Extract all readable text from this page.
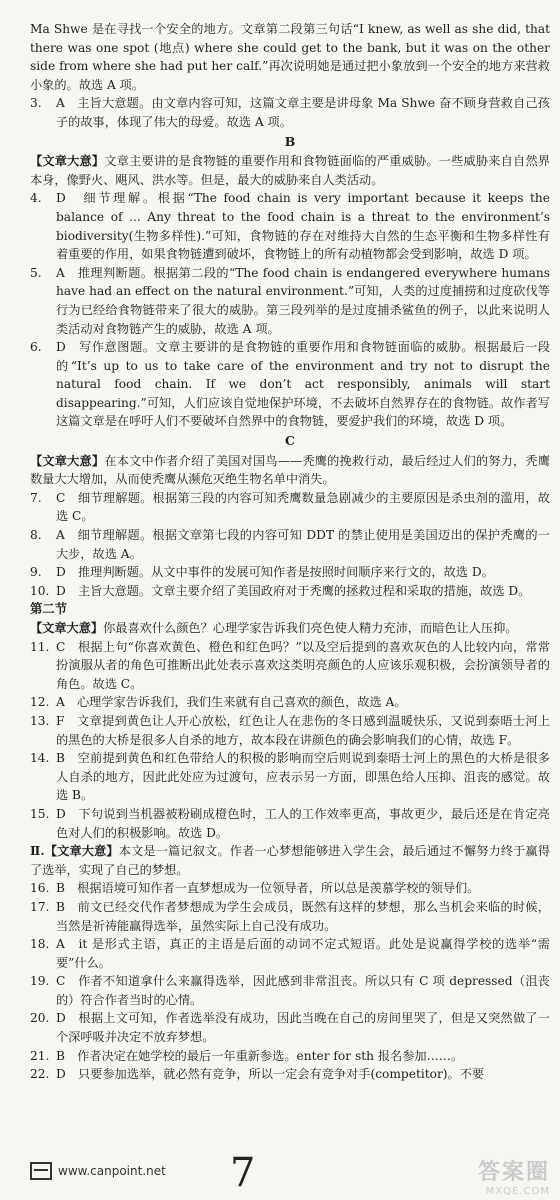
Ma Shwe 是在寻找一个安全的地方。文章第二段第三句话“I knew, as well as she did, that there was one spot (地点) where she could get to the bank, but it was on the other side from where she had put her calf.”再次说明她是通过把小象放到一个安全的地方来营救小象的。故选 A 项。

3.	A　主旨大意题。由文章内容可知，这篇文章主要是讲母象 Ma Shwe 奋不顾身营救自己孩子的故事，体现了伟大的母爱。故选 A 项。
B

【文章大意】文章主要讲的是食物链的重要作用和食物链面临的严重威胁。一些威胁来自自然界本身，像野火、飓风、洪水等。但是，最大的威胁来自人类活动。

4.	D　细节理解。根据“The food chain is very important because it keeps the balance of ... Any threat to the food chain is a threat to the environment’s biodiversity(生物多样性).”可知，食物链的存在对维持大自然的生态平衡和生物多样性有着重要的作用，如果食物链遭到破坏，食物链上的所有动植物都会受到影响，故选 D 项。
5.	A　推理判断题。根据第二段的“The food chain is endangered everywhere humans have had an effect on the natural environment.”可知，人类的过度捕捞和过度砍伐等行为已经给食物链带来了很大的威胁。第三段列举的是过度捕杀鲨鱼的例子，以此来说明人类活动对食物链产生的威胁，故选 A 项。
6.	D　写作意图题。文章主要讲的是食物链的重要作用和食物链面临的威胁。根据最后一段的“It’s up to us to take care of the environment and try not to disrupt the natural food chain. If we don’t act responsibly, animals will start disappearing.”可知，人们应该自觉地保护环境，不去破坏自然界存在的食物链。故作者写这篇文章是在呼吁人们不要破坏自然界中的食物链，要爱护我们的环境，故选 D 项。
C

【文章大意】在本文中作者介绍了美国对国鸟——秃鹰的挽救行动，最后经过人们的努力，秃鹰数量大大增加，从而使秃鹰从濒危灭绝生物名单中消失。

7.	C　细节理解题。根据第三段的内容可知秃鹰数量急剧减少的主要原因是杀虫剂的滥用，故选 C。
8.	A　细节理解题。根据文章第七段的内容可知 DDT 的禁止使用是美国迈出的保护秃鹰的一大步，故选 A。
9.	D　推理判断题。从文中事件的发展可知作者是按照时间顺序来行文的，故选 D。
10. D　主旨大意题。文章主要介绍了美国政府对于秃鹰的拯救过程和采取的措施，故选 D。
第二节

【文章大意】你最喜欢什么颜色？心理学家告诉我们亮色使人精力充沛，而暗色让人压抑。

11. C　根据上句“你喜欢黄色、橙色和红色吗？”以及空后提到的喜欢灰色的人比较内向，常常扮演服从者的角色可推断出此处表示喜欢这类明亮颜色的人应该乐观积极，会扮演领导者的角色。故选 C。
12. A　心理学家告诉我们，我们生来就有自己喜欢的颜色，故选 A。
13. F　文章提到黄色让人开心放松，红色让人在悲伤的冬日感到温暖快乐，又说到泰晤士河上的黑色的大桥是很多人自杀的地方，故本段在讲颜色的确会影响我们的心情，故选 F。
14. B　空前提到黄色和红色带给人的积极的影响而空后则说到泰晤士河上的黑色的大桥是很多人自杀的地方，因此此处应为过渡句，应表示另一方面，即黑色给人压抑、沮丧的感觉。故选 B。
15. D　下句说到当机器被粉刷成橙色时，工人的工作效率更高，事故更少，最后还是在肯定亮色对人们的积极影响。故选 D。

Ⅱ.【文章大意】本文是一篇记叙文。作者一心梦想能够进入学生会，最后通过不懈努力终于赢得了选举，实现了自己的梦想。

16. B　根据语境可知作者一直梦想成为一位领导者，所以总是羡慕学校的领导们。
17. B　前文已经交代作者梦想成为学生会成员，既然有这样的梦想，那么当机会来临的时候，当然是祈祷能赢得选举，虽然实际上自己没有成功。
18. A　it 是形式主语，真正的主语是后面的动词不定式短语。此处是说赢得学校的选举“需要”什么。
19. C　作者不知道拿什么来赢得选举，因此感到非常沮丧。所以只有 C 项 depressed（沮丧的）符合作者当时的心情。
20. D　根据上文可知，作者选举没有成功，因此当晚在自己的房间里哭了，但是又突然做了一个深呼吸并决定不放弃梦想。
21. B　作者决定在她学校的最后一年重新参选。enter for sth 报名参加……。
22. D　只要参加选举，就必然有竞争，所以一定会有竞争对手(competitor)。不要
www.canpoint.net 7	答案圈
MXQE.COM
